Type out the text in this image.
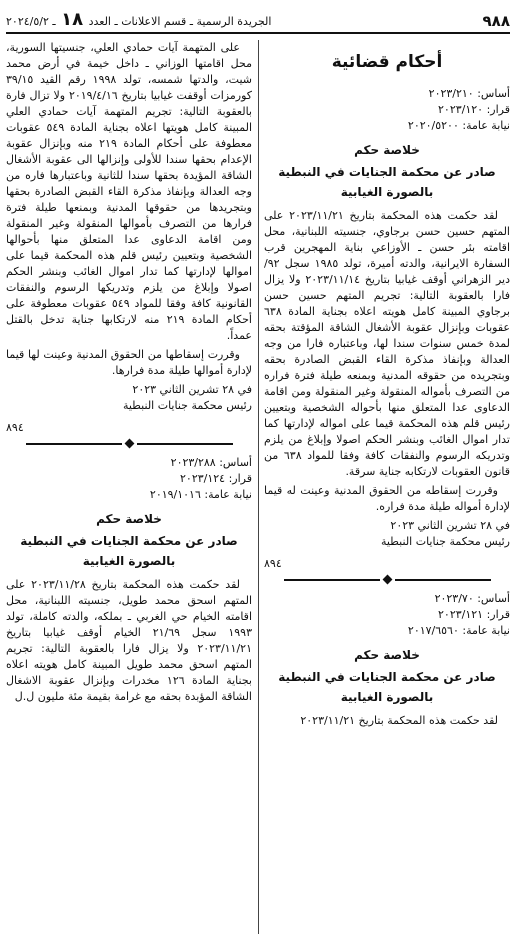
٩٨٨
الجريدة الرسمية ـ قسم الاعلانات ـ العدد ١٨ ـ ٢٠٢٤/٥/٢
أحكام قضائية

أساس: ٢٠٢٣/٢١٠

قرار: ٢٠٢٣/١٢٠

نيابة عامة: ٢٠٢٠/٥٢٠٠

خلاصة حكم

صادر عن محكمة الجنايات في النبطية

بالصورة الغيابية

لقد حكمت هذه المحكمة بتاريخ ٢٠٢٣/١١/٢١ على المتهم حسين حسن برجاوي، جنسيته اللبنانية، محل اقامته بئر حسن ـ الأوزاعي بناية المهجرين قرب السفارة الايرانية، والدته أميرة، تولد ١٩٨٥ سجل ٩٢/ دير الزهراني أوقف غيابيا بتاريخ ٢٠٢٣/١١/١٤ ولا يزال فارا بالعقوبة التالية: تجريم المتهم حسين حسن برجاوي المبينة كامل هويته اعلاه بجناية المادة ٦٣٨ عقوبات وبإنزال عقوبة الأشغال الشاقة المؤقتة بحقه لمدة خمس سنوات سندا لها، وباعتباره فارا من وجه العدالة وبإنفاذ مذكرة القاء القبض الصادرة بحقه وبتجريده من حقوقه المدنية وبمنعه طيلة فترة فراره من التصرف بأمواله المنقولة وغير المنقولة ومن اقامة الدعاوى عدا المتعلق منها بأحواله الشخصية وبتعيين رئيس قلم هذه المحكمة قيما على امواله لإدارتها كما تدار اموال الغائب وبنشر الحكم اصولا وإبلاغ من يلزم وتدريكه الرسوم والنفقات كافة وفقا للمواد ٦٣٨ من قانون العقوبات لارتكابه جناية سرقة.

وقررت إسقاطه من الحقوق المدنية وعينت له قيما لإدارة أمواله طيلة مدة فراره.

في ٢٨ تشرين الثاني ٢٠٢٣

رئيس محكمة جنايات النبطية

٨٩٤

أساس: ٢٠٢٣/٧٠

قرار: ٢٠٢٣/١٢١

نيابة عامة: ٢٠١٧/٦٥٦٠

خلاصة حكم

صادر عن محكمة الجنايات في النبطية

بالصورة الغيابية

لقد حكمت هذه المحكمة بتاريخ ٢٠٢٣/١١/٢١

على المتهمة آيات حمادي العلي، جنسيتها السورية، محل اقامتها الوزاني ـ داخل خيمة في أرض محمد شيت، والدتها شمسه، تولد ١٩٩٨ رقم القيد ٣٩/١٥ كورمزات أوقفت غيابيا بتاريخ ٢٠١٩/٤/١٦ ولا تزال فارة بالعقوبة التالية: تجريم المتهمة آيات حمادي العلي المبينة كامل هويتها اعلاه بجناية المادة ٥٤٩ عقوبات معطوفة على أحكام المادة ٢١٩ منه وبإنزال عقوبة الإعدام بحقها سندا للأولى وإنزالها الى عقوبة الأشغال الشاقة المؤيدة بحقها سندا للثانية وباعتبارها فاره من وجه العدالة وبإنفاذ مذكرة القاء القبض الصادرة بحقها وبتجريدها من حقوقها المدنية وبمنعها طيلة فترة فرارها من التصرف بأموالها المنقولة وغير المنقولة ومن اقامة الدعاوى عدا المتعلق منها بأحوالها الشخصية وبتعيين رئيس قلم هذه المحكمة قيما على اموالها لإدارتها كما تدار اموال الغائب وبنشر الحكم اصولا وإبلاغ من يلزم وتدريكها الرسوم والنفقات القانونية كافة وفقا للمواد ٥٤٩ عقوبات معطوفة على أحكام المادة ٢١٩ منه لارتكابها جناية تدخل بالقتل عمداً.

وقررت إسقاطها من الحقوق المدنية وعينت لها قيما لإدارة أموالها طيلة مدة فرارها.

في ٢٨ تشرين الثاني ٢٠٢٣

رئيس محكمة جنايات النبطية

٨٩٤

أساس: ٢٠٢٣/٢٨٨

قرار: ٢٠٢٣/١٢٤

نيابة عامة: ٢٠١٩/١٠١٦

خلاصة حكم

صادر عن محكمة الجنايات في النبطية

بالصورة الغيابية

لقد حكمت هذه المحكمة بتاريخ ٢٠٢٣/١١/٢٨ على المتهم اسحق محمد طويل، جنسيته اللبنانية، محل اقامته الخيام حي الغربي ـ بملكه، والدته كاملة، تولد ١٩٩٣ سجل ٢١/٦٩ الخيام أوقف غيابيا بتاريخ ٢٠٢٣/١١/٢١ ولا يزال فارا بالعقوبة التالية: تجريم المتهم اسحق محمد طويل المبينة كامل هويته اعلاه بجناية المادة ١٢٦ مخدرات وبإنزال عقوبة الاشغال الشاقة المؤبدة بحقه مع غرامة بقيمة مئة مليون ل.ل
